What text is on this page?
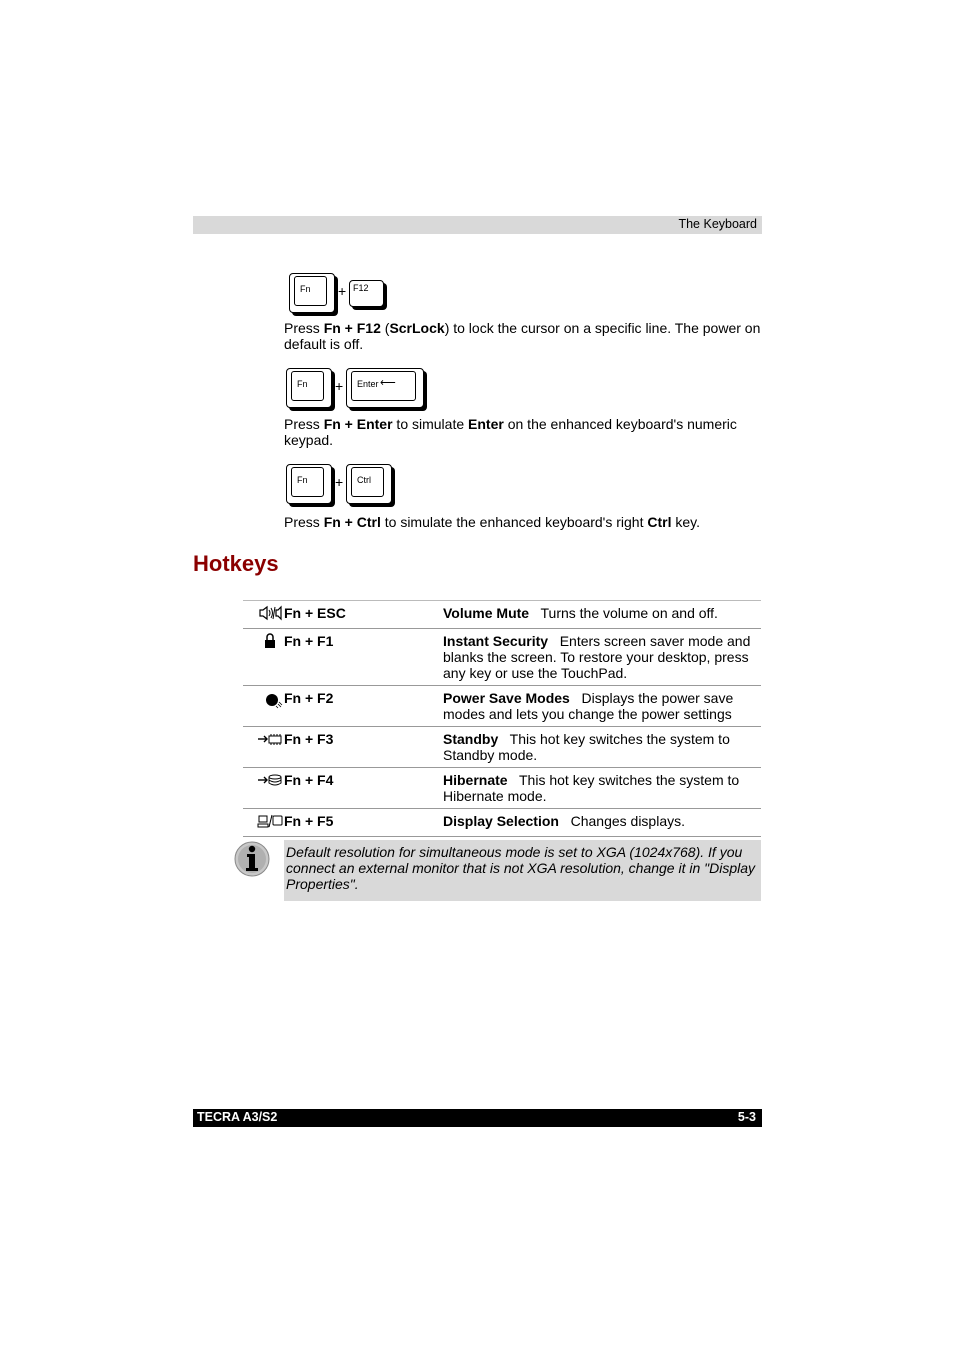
The Keyboard
Fn + F12

Press Fn + F12 (ScrLock) to lock the cursor on a specific line. The power on default is off.

Fn + Enter ⟵

Press Fn + Enter to simulate Enter on the enhanced keyboard's numeric keypad.

Fn + Ctrl

Press Fn + Ctrl to simulate the enhanced keyboard's right Ctrl key.

Hotkeys
	Fn + ESC	Volume Mute Turns the volume on and off.
	Fn + F1	Instant Security Enters screen saver mode and blanks the screen. To restore your desktop, press any key or use the TouchPad.
	Fn + F2	Power Save Modes Displays the power save modes and lets you change the power settings
	Fn + F3	Standby This hot key switches the system to Standby mode.
	Fn + F4	Hibernate This hot key switches the system to Hibernate mode.
	Fn + F5	Display Selection Changes displays.

Default resolution for simultaneous mode is set to XGA (1024x768). If you connect an external monitor that is not XGA resolution, change it in "Display Properties".

TECRA A3/S2	5-3
